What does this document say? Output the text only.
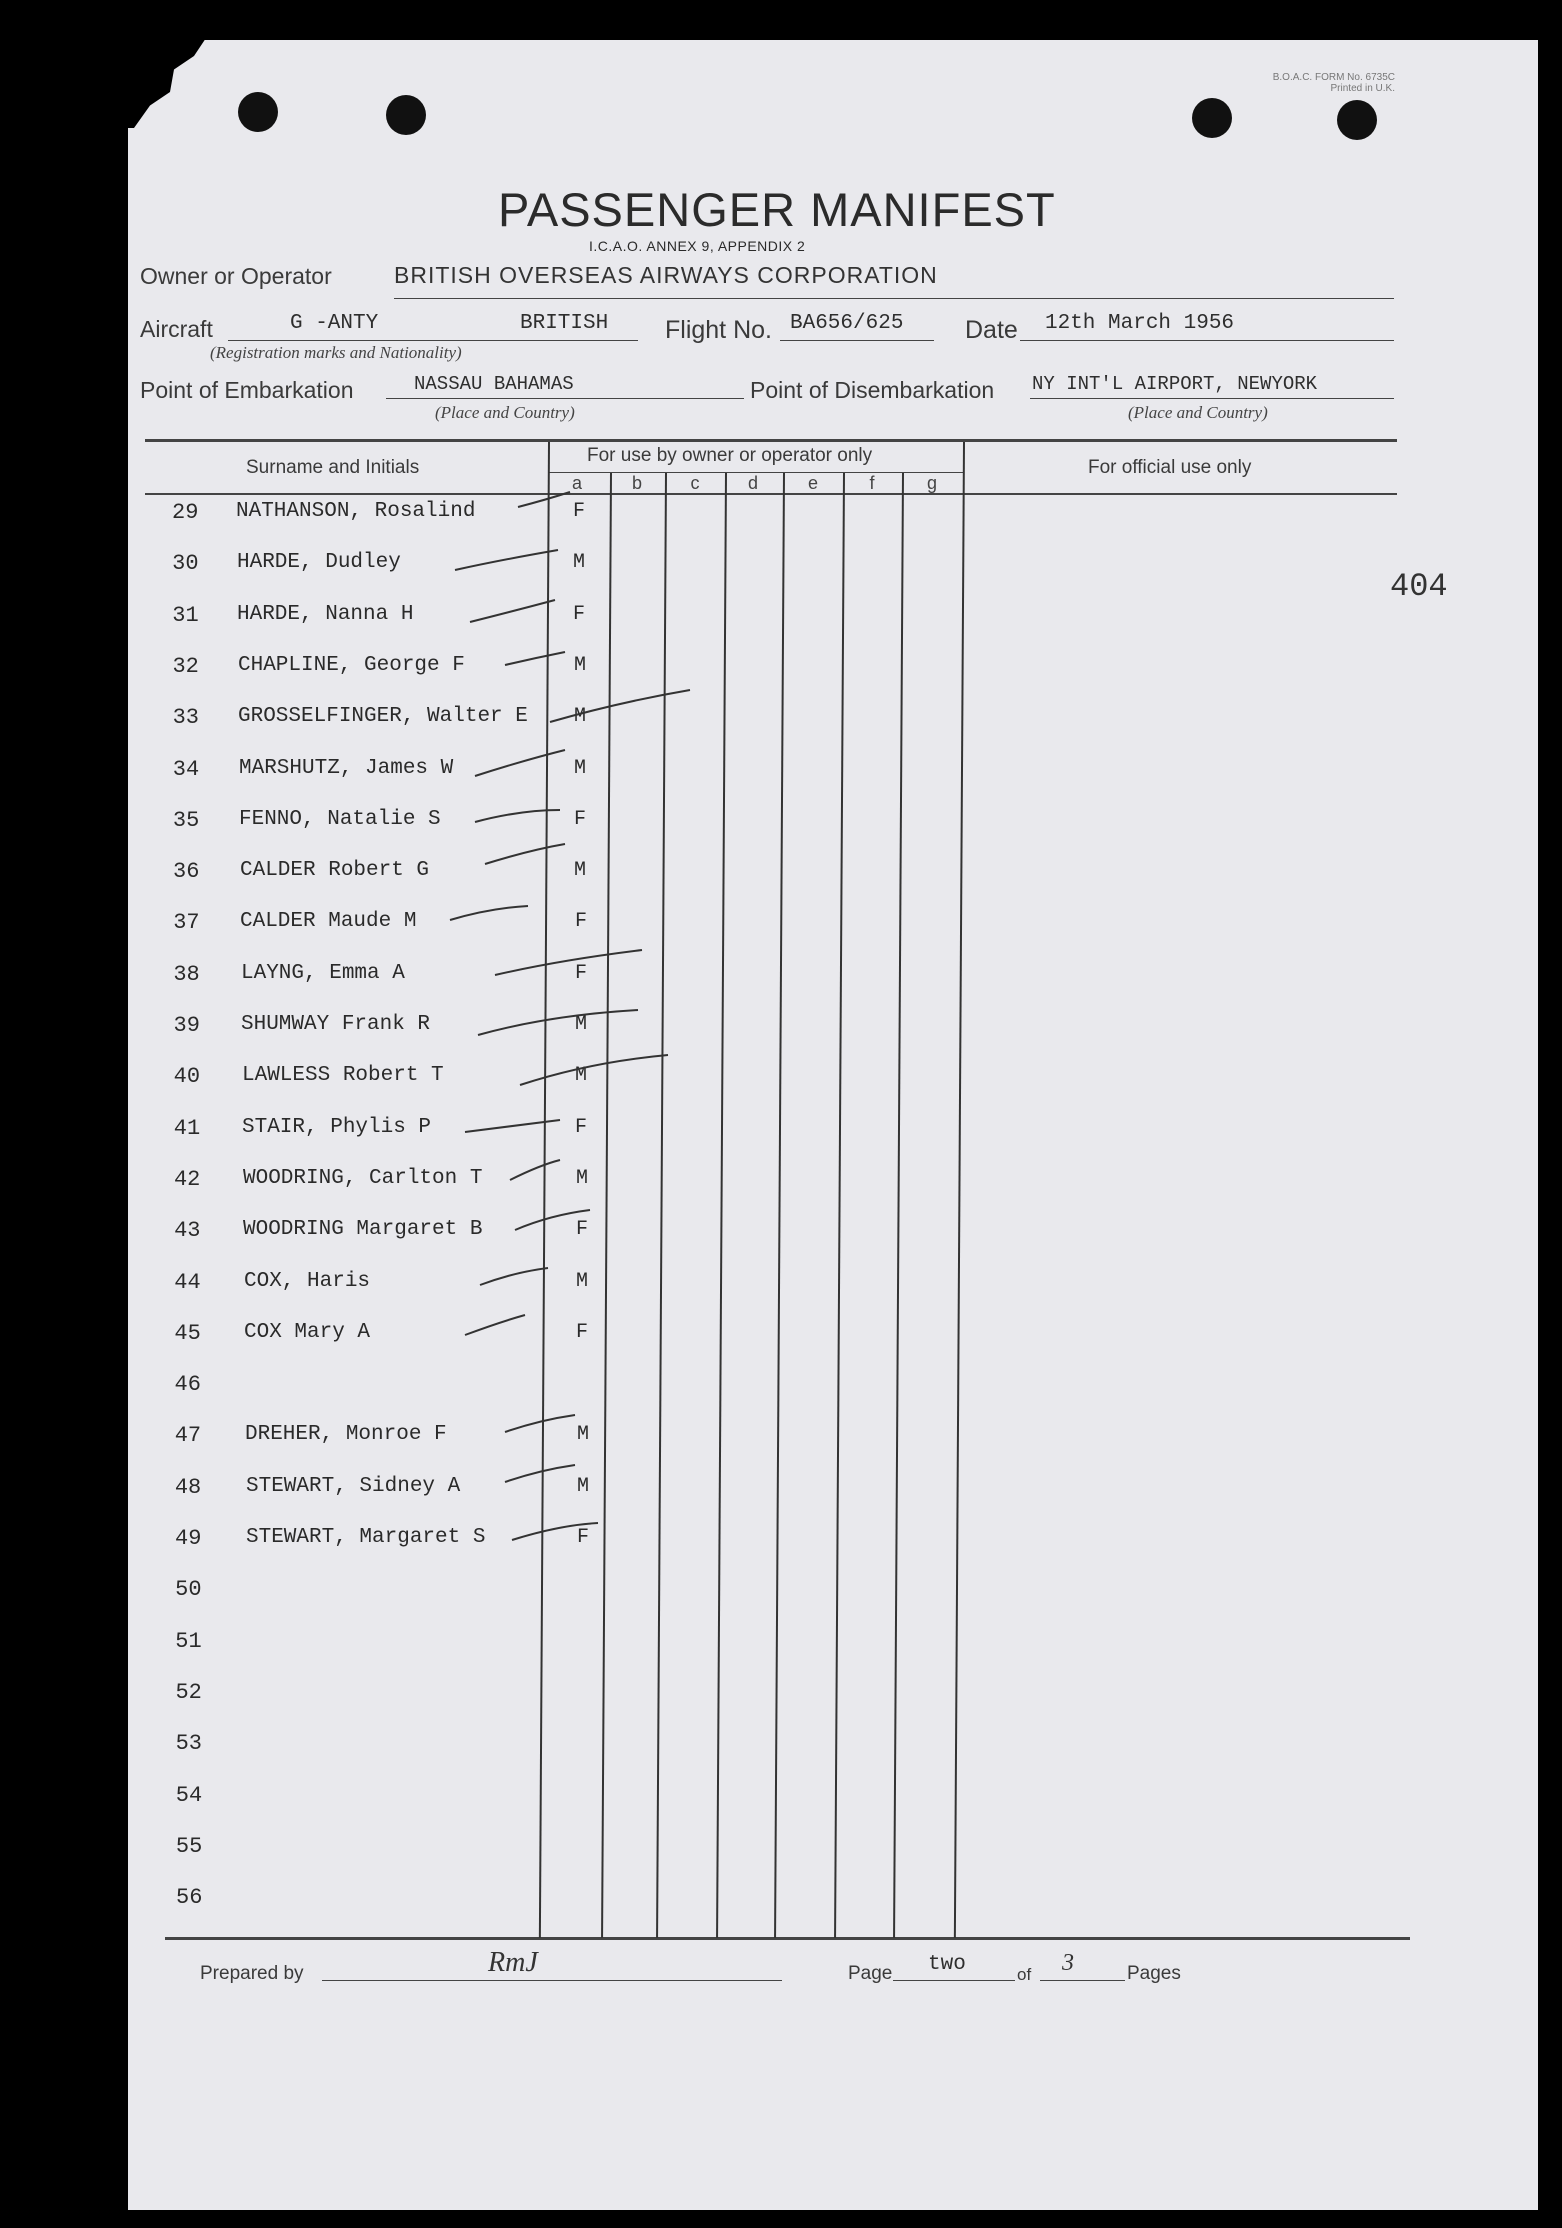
B.O.A.C. FORM No. 6735C
Printed in U.K.
PASSENGER MANIFEST
I.C.A.O. ANNEX 9, APPENDIX 2
Owner or Operator	BRITISH OVERSEAS AIRWAYS CORPORATION
Aircraft	G -ANTY	BRITISH
(Registration marks and Nationality)
Flight No. BA656/625 Date 12th March 1956
Point of Embarkation	NASSAU BAHAMAS
(Place and Country)
Point of Disembarkation NY INT'L AIRPORT, NEWYORK
(Place and Country)
Surname and Initials
For use by owner or operator only
For official use only
a	b	c	d	e	f	g
29	NATHANSON, Rosalind	F
30	HARDE, Dudley	M
31	HARDE, Nanna H	F
32	CHAPLINE, George F	M
33	GROSSELFINGER, Walter E M
34	MARSHUTZ, James W	M
35	FENNO, Natalie S	F
36	CALDER Robert G	M
37	CALDER Maude M	F
38	LAYNG, Emma A	F
39	SHUMWAY Frank R	M
40	LAWLESS Robert T	M
41	STAIR, Phylis P	F
42	WOODRING, Carlton T	M
43	WOODRING Margaret B	F
44	COX, Haris	M
45	COX Mary A	F
46
47	DREHER, Monroe F	M
48	STEWART, Sidney A	M
49	STEWART, Margaret S	F
50
51
52
53
54
55
56
404
Prepared by	RmJ	Page two	of 3	Pages
